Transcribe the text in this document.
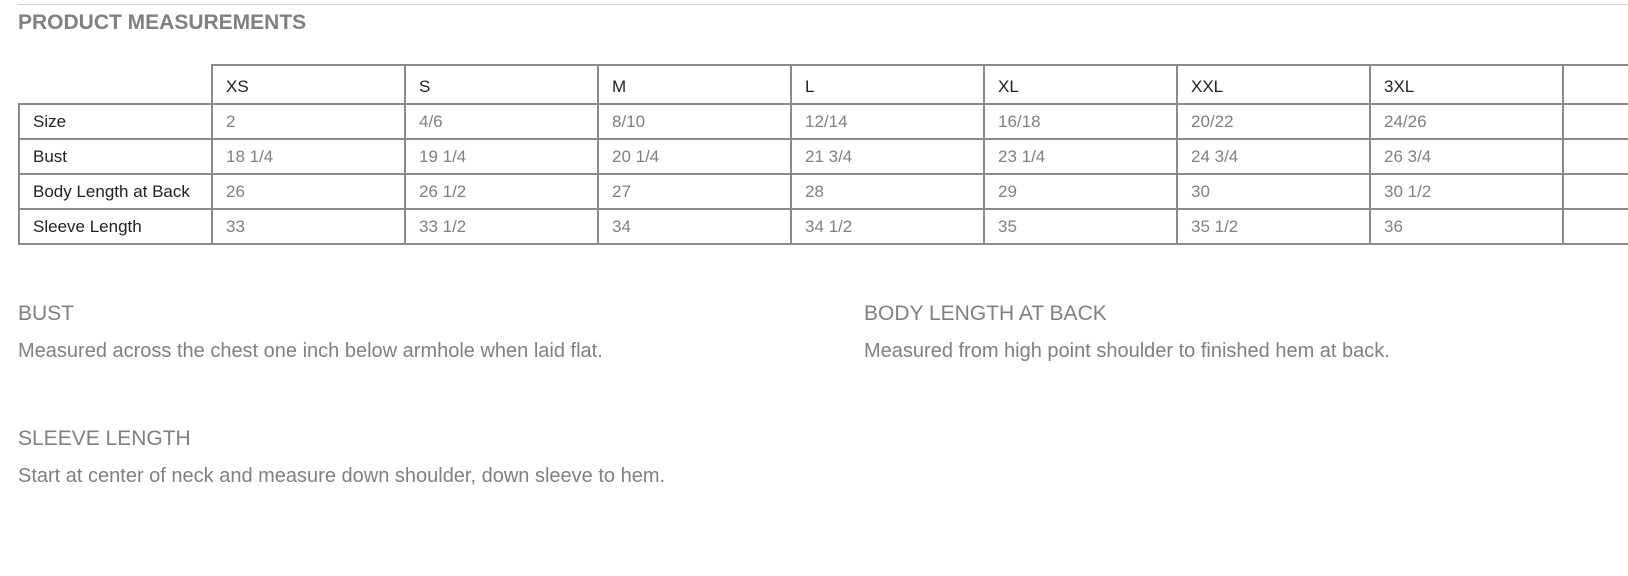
PRODUCT MEASUREMENTS
	XS	S	M	L	XL	XXL	3XL	
Size	2	4/6	8/10	12/14	16/18	20/22	24/26	
Bust	18 1/4	19 1/4	20 1/4	21 3/4	23 1/4	24 3/4	26 3/4	
Body Length at Back	26	26 1/2	27	28	29	30	30 1/2	
Sleeve Length	33	33 1/2	34	34 1/2	35	35 1/2	36	
BUST

Measured across the chest one inch below armhole when laid flat.

BODY LENGTH AT BACK

Measured from high point shoulder to finished hem at back.

SLEEVE LENGTH

Start at center of neck and measure down shoulder, down sleeve to hem.
